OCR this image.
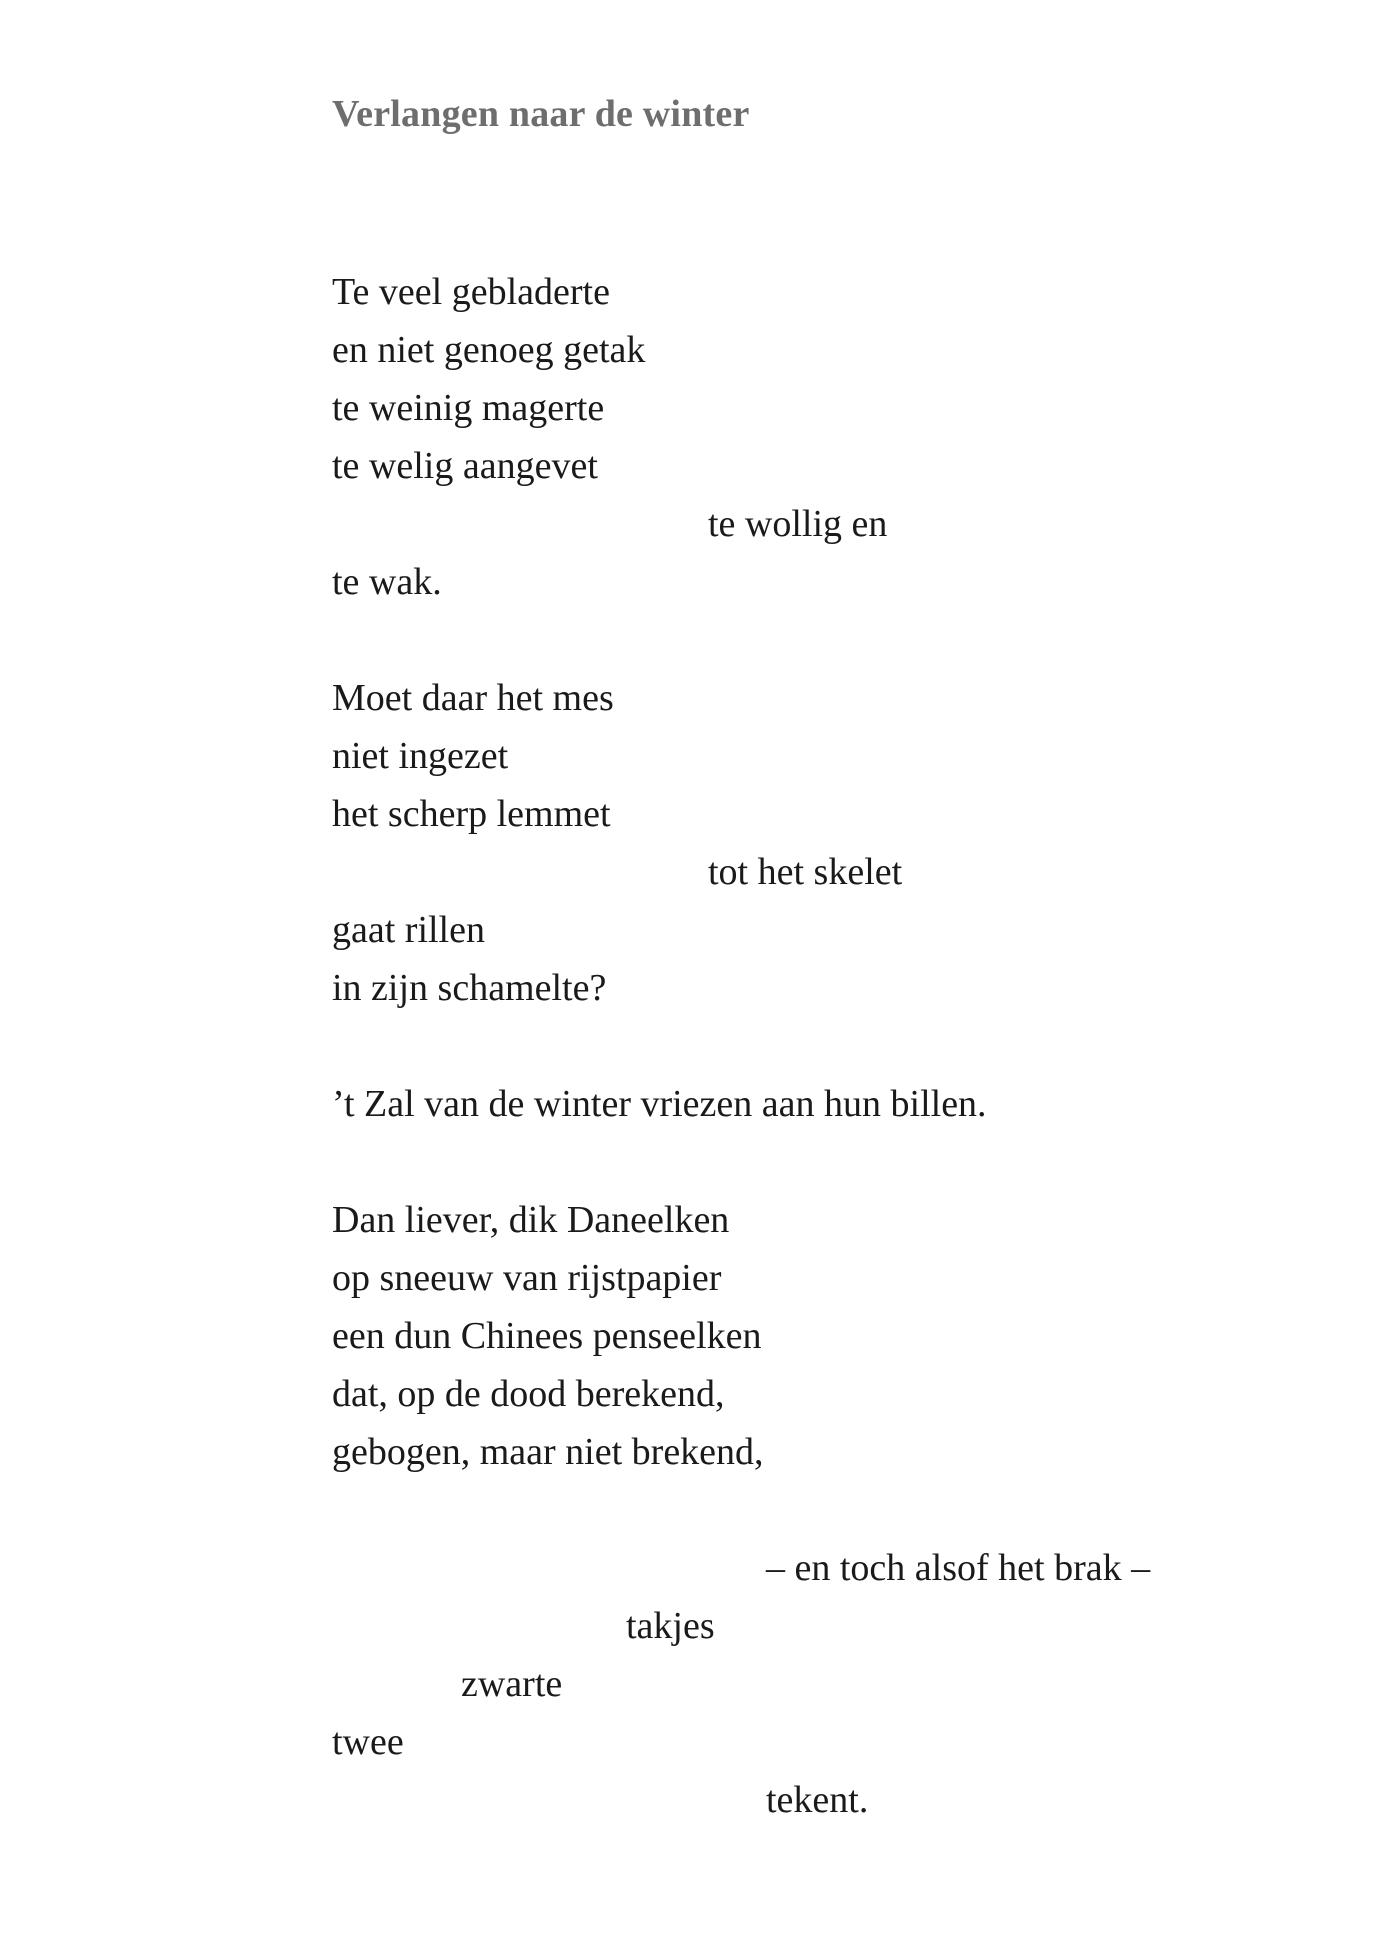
Verlangen naar de winter
Te veel gebladerte
en niet genoeg getak
te weinig magerte
te welig aangevet
te wollig en
te wak.
Moet daar het mes
niet ingezet
het scherp lemmet
tot het skelet
gaat rillen
in zijn schamelte?
’t Zal van de winter vriezen aan hun billen.
Dan liever, dik Daneelken
op sneeuw van rijstpapier
een dun Chinees penseelken
dat, op de dood berekend,
gebogen, maar niet brekend,
– en toch alsof het brak –
takjes
zwarte
twee
tekent.
